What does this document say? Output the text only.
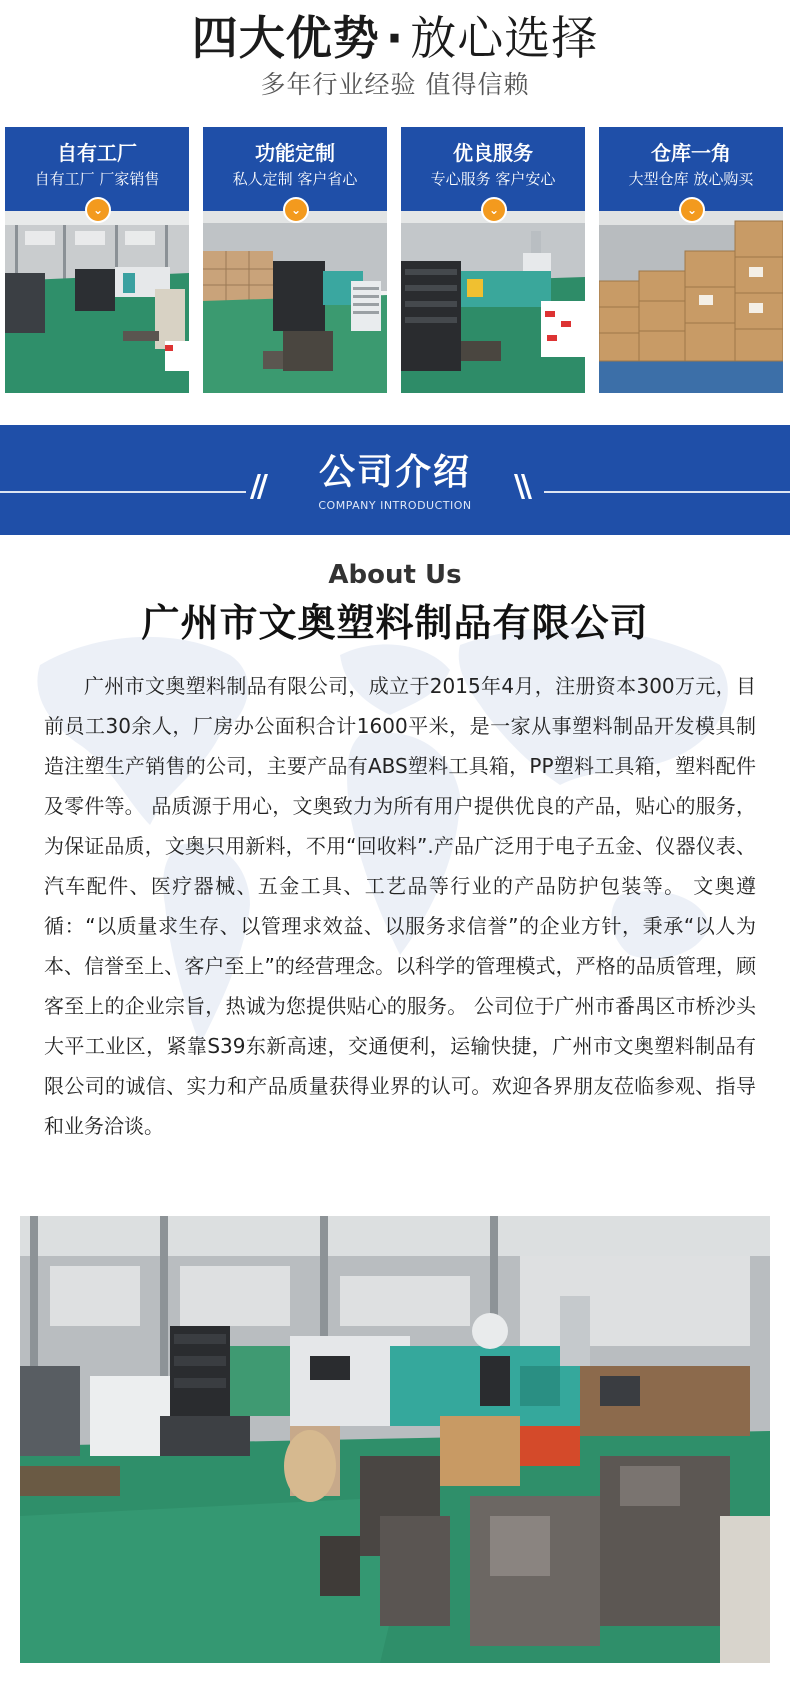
四大优势 · 放心选择
多年行业经验 值得信赖
自有工厂
自有工厂 厂家销售
⌄
功能定制
私人定制 客户省心
⌄
优良服务
专心服务 客户安心
⌄
仓库一角
大型仓库 放心购买
⌄
//	公司介绍
COMPANY INTRODUCTION
\\
About Us
广州市文奥塑料制品有限公司

广州市文奥塑料制品有限公司，成立于2015年4月，注册资本300万元，目前员工30余人，厂房办公面积合计1600平米，是一家从事塑料制品开发模具制造注塑生产销售的公司，主要产品有ABS塑料工具箱，PP塑料工具箱，塑料配件及零件等。 品质源于用心，文奥致力为所有用户提供优良的产品，贴心的服务，为保证品质，文奥只用新料，不用“回收料”.产品广泛用于电子五金、仪器仪表、汽车配件、医疗器械、五金工具、工艺品等行业的产品防护包装等。 文奥遵循：“以质量求生存、以管理求效益、以服务求信誉”的企业方针，秉承“以人为本、信誉至上、客户至上”的经营理念。以科学的管理模式，严格的品质管理，顾客至上的企业宗旨，热诚为您提供贴心的服务。 公司位于广州市番禺区市桥沙头大平工业区，紧靠S39东新高速，交通便利，运输快捷，广州市文奥塑料制品有限公司的诚信、实力和产品质量获得业界的认可。欢迎各界朋友莅临参观、指导和业务洽谈。
